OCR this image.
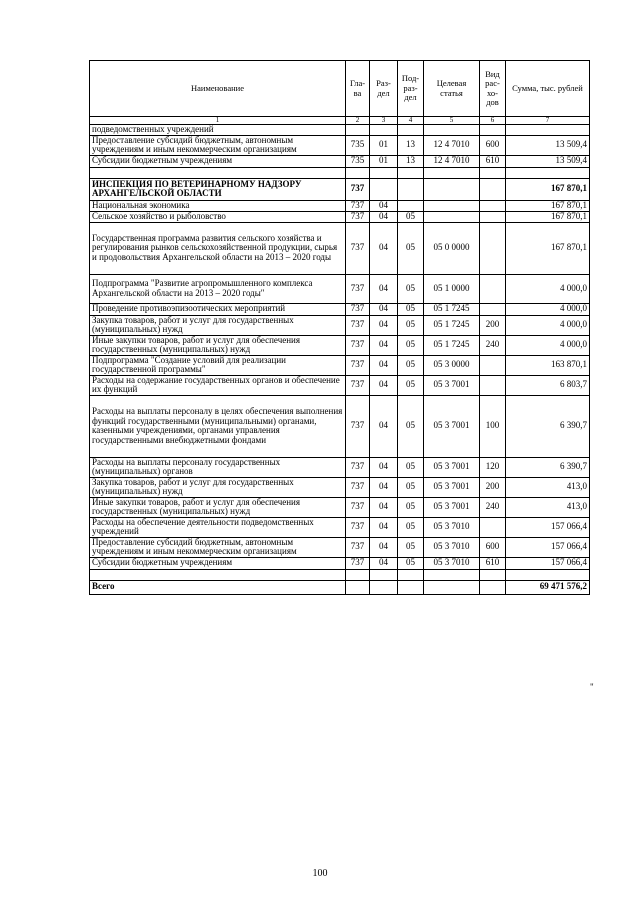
Наименование	Гла-ва	Раз-дел	Под-раз-дел	Целевая статья	Вид рас-хо-дов	Сумма, тыс. рублей
1	2	3	4	5	6	7
подведомственных учреждений						
Предоставление субсидий бюджетным, автономным учреждениям и иным некоммерческим организациям	735	01	13	12 4 7010	600	13 509,4
Субсидии бюджетным учреждениям	735	01	13	12 4 7010	610	13 509,4

ИНСПЕКЦИЯ ПО ВЕТЕРИНАРНОМУ НАДЗОРУ АРХАНГЕЛЬСКОЙ ОБЛАСТИ	737					167 870,1
Национальная экономика	737	04				167 870,1
Сельское хозяйство и рыболовство	737	04	05			167 870,1
Государственная программа развития сельского хозяйства и регулирования рынков сельскохозяйственной продукции, сырья и продовольствия Архангельской области на 2013 – 2020 годы	737	04	05	05 0 0000		167 870,1
Подпрограмма "Развитие агропромышленного комплекса Архангельской области на 2013 – 2020 годы"	737	04	05	05 1 0000		4 000,0
Проведение противоэпизоотических мероприятий	737	04	05	05 1 7245		4 000,0
Закупка товаров, работ и услуг для государственных (муниципальных) нужд	737	04	05	05 1 7245	200	4 000,0
Иные закупки товаров, работ и услуг для обеспечения государственных (муниципальных) нужд	737	04	05	05 1 7245	240	4 000,0
Подпрограмма "Создание условий для реализации государственной программы"	737	04	05	05 3 0000		163 870,1
Расходы на содержание государственных органов и обеспечение их функций	737	04	05	05 3 7001		6 803,7
Расходы на выплаты персоналу в целях обеспечения выполнения функций государственными (муниципальными) органами, казенными учреждениями, органами управления государственными внебюджетными фондами	737	04	05	05 3 7001	100	6 390,7
Расходы на выплаты персоналу государственных (муниципальных) органов	737	04	05	05 3 7001	120	6 390,7
Закупка товаров, работ и услуг для государственных (муниципальных) нужд	737	04	05	05 3 7001	200	413,0
Иные закупки товаров, работ и услуг для обеспечения государственных (муниципальных) нужд	737	04	05	05 3 7001	240	413,0
Расходы на обеспечение деятельности подведомственных учреждений	737	04	05	05 3 7010		157 066,4
Предоставление субсидий бюджетным, автономным учреждениям и иным некоммерческим организациям	737	04	05	05 3 7010	600	157 066,4
Субсидии бюджетным учреждениям	737	04	05	05 3 7010	610	157 066,4

Всего						69 471 576,2
"
100
